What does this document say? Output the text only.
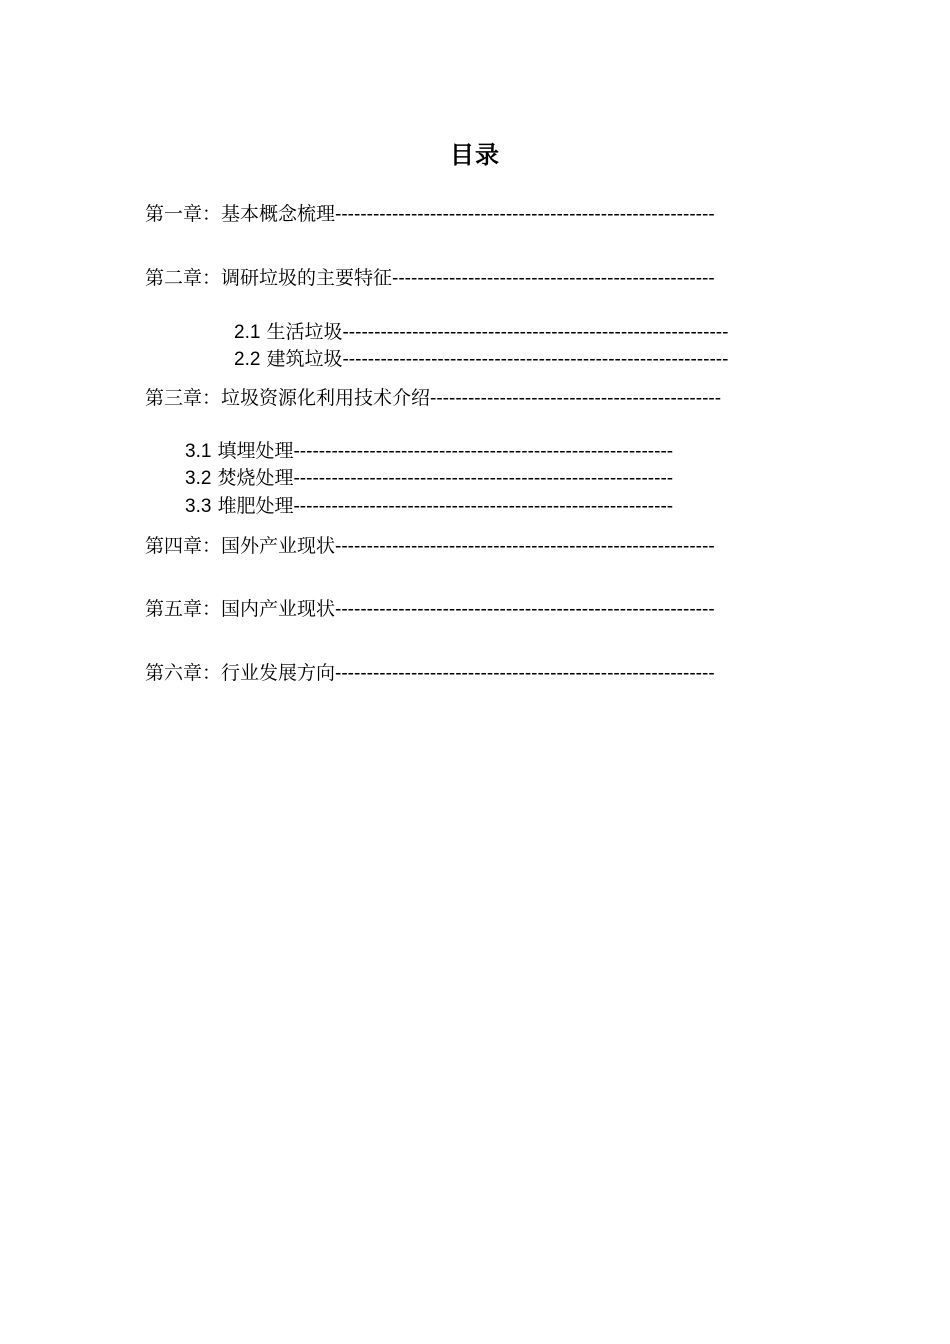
目录
第一章：基本概念梳理------------------------------------------------------------
第二章：调研垃圾的主要特征---------------------------------------------------
2.1 生活垃圾-------------------------------------------------------------
2.2 建筑垃圾-------------------------------------------------------------
第三章：垃圾资源化利用技术介绍----------------------------------------------
3.1 填埋处理------------------------------------------------------------
3.2 焚烧处理------------------------------------------------------------
3.3 堆肥处理------------------------------------------------------------
第四章：国外产业现状------------------------------------------------------------
第五章：国内产业现状------------------------------------------------------------
第六章：行业发展方向------------------------------------------------------------
